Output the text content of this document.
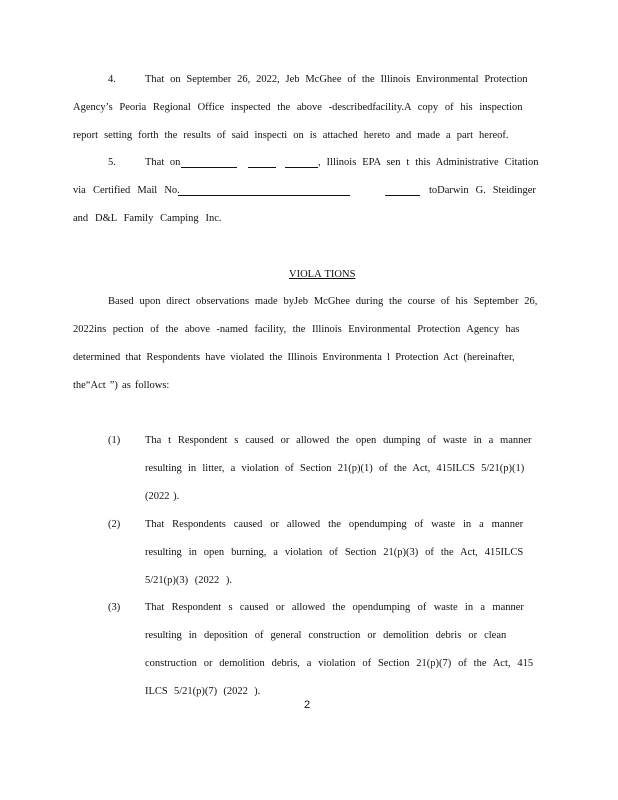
4.	That on September 26, 2022, Jeb McGhee of the Illinois Environmental Protection
Agency’s Peoria Regional Office inspected the above -describedfacility.A copy of his inspection
report setting forth the results of said inspecti on is attached hereto and made a part hereof.
5.	That on	, Illinois EPA sen t this Administrative Citation
via Certified Mail No.	toDarwin G. Steidinger
and D&L Family Camping Inc.
VIOLA TIONS
Based upon direct observations made byJeb McGhee during the course of his September 26,
2022ins pection of the above -named facility, the Illinois Environmental Protection Agency has
determined that Respondents have violated the Illinois Environmenta l Protection Act (hereinafter,
the“Act ”) as follows:
(1) Tha t Respondent s caused or allowed the open dumping of waste in a manner
resulting in litter, a violation of Section 21(p)(1) of the Act, 415ILCS 5/21(p)(1)
(2022 ).
(2) That Respondents caused or allowed the opendumping of waste in a manner
resulting in open burning, a violation of Section 21(p)(3) of the Act, 415ILCS
5/21(p)(3) (2022 ).
(3) That Respondent s caused or allowed the opendumping of waste in a manner
resulting in deposition of general construction or demolition debris or clean
construction or demolition debris, a violation of Section 21(p)(7) of the Act, 415
ILCS 5/21(p)(7) (2022 ).
2
